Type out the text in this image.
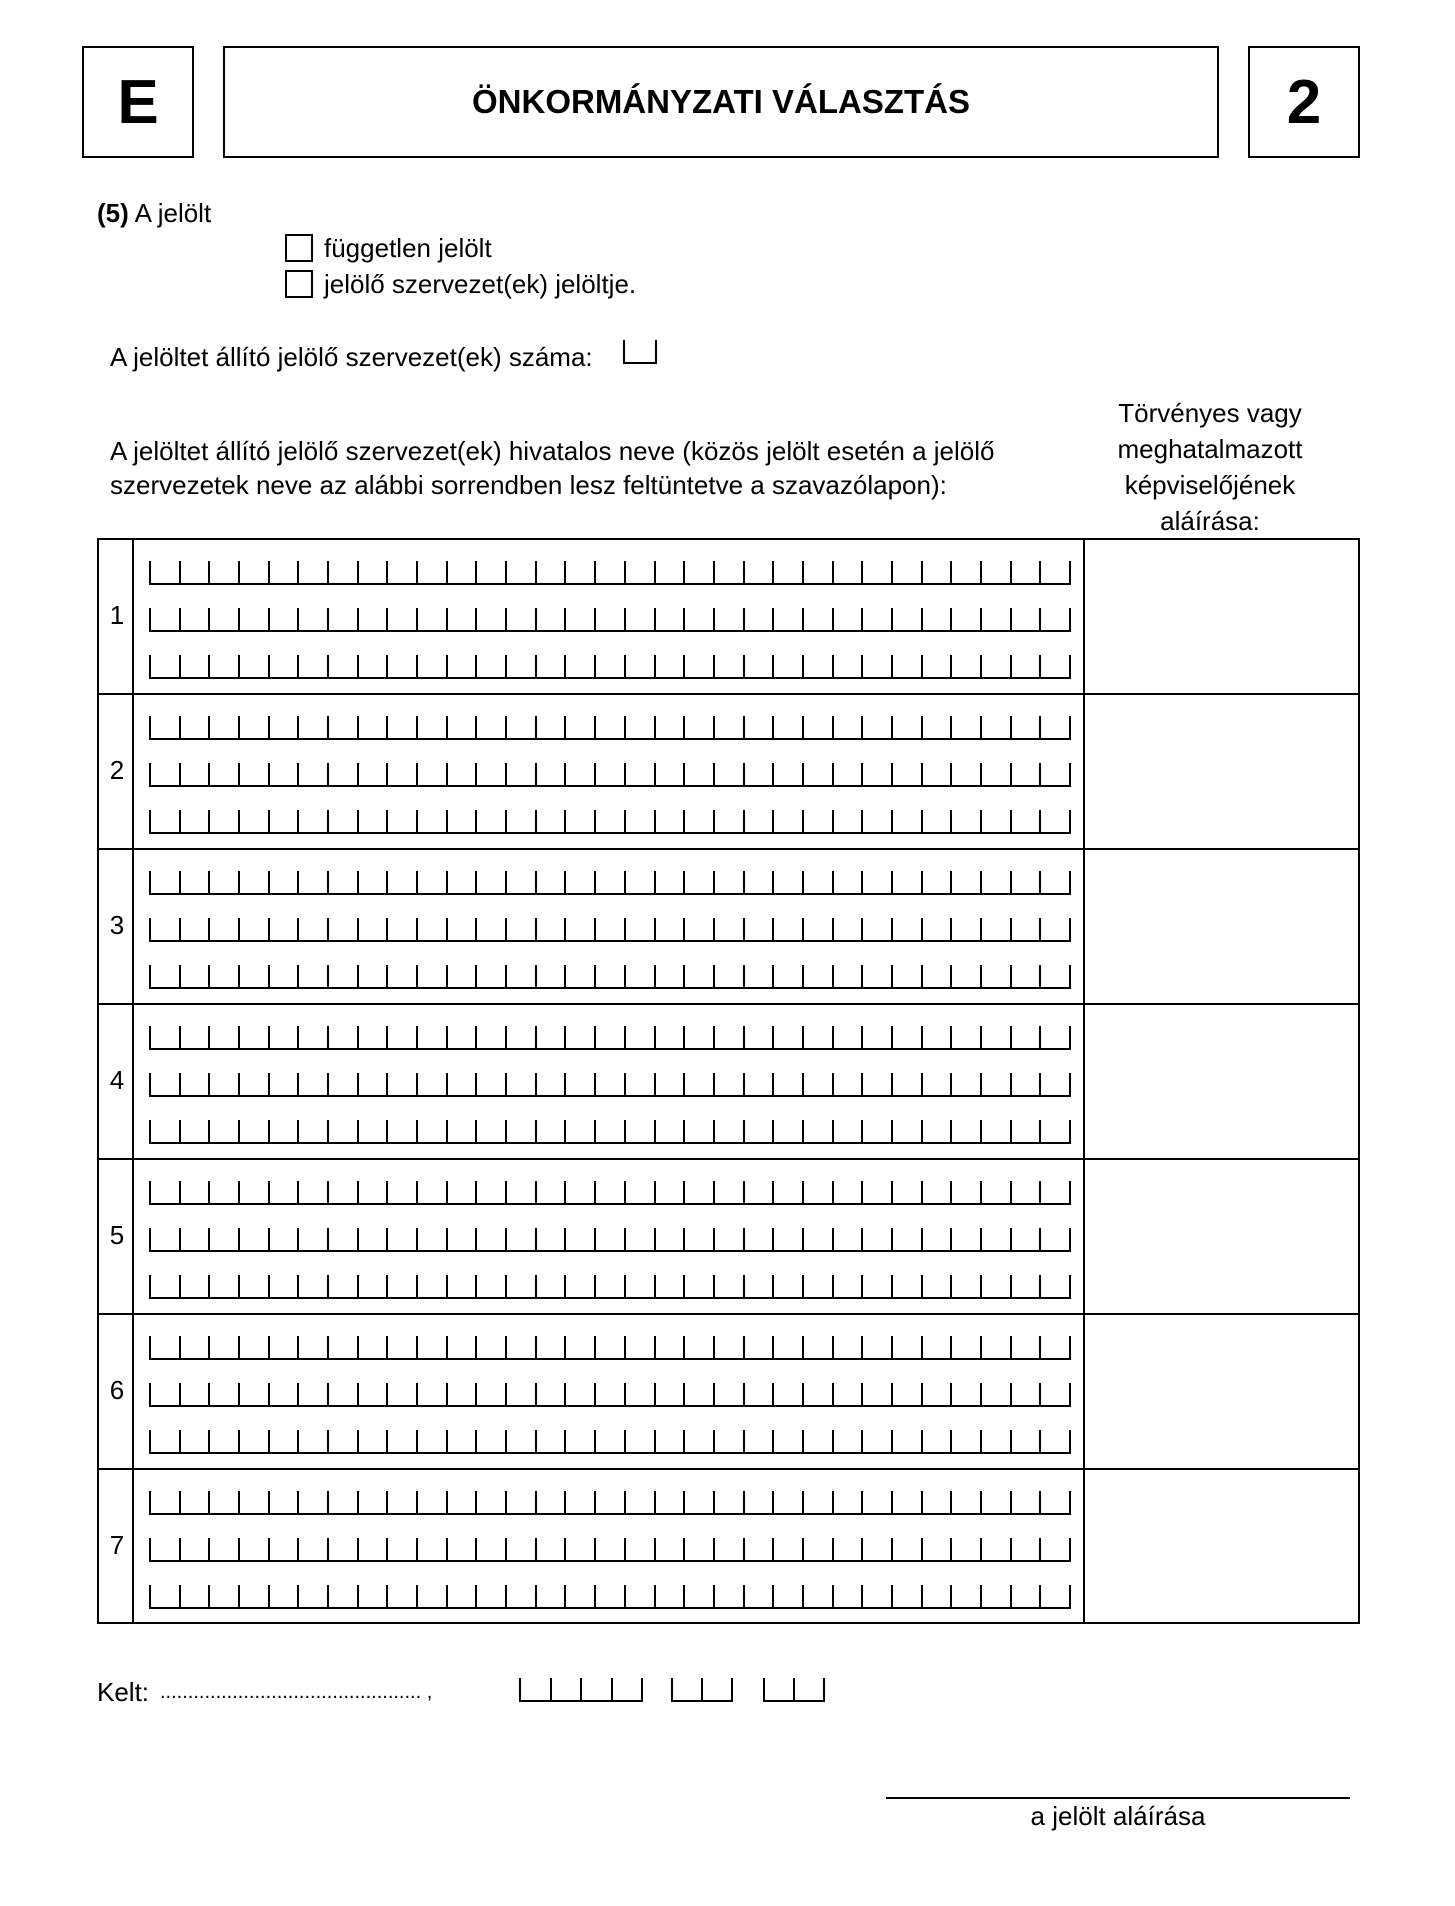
E	ÖNKORMÁNYZATI VÁLASZTÁS	2
(5) A jelölt
független jelölt
jelölő szervezet(ek) jelöltje.
A jelöltet állító jelölő szervezet(ek) száma:
A jelöltet állító jelölő szervezet(ek) hivatalos neve (közös jelölt esetén a jelölő
szervezetek neve az alábbi sorrendben lesz feltüntetve a szavazólapon):
Törvényes vagy
meghatalmazott
képviselőjének
aláírása:
1
2
3
4
5
6
7
Kelt: ............................................... ,
a jelölt aláírása
